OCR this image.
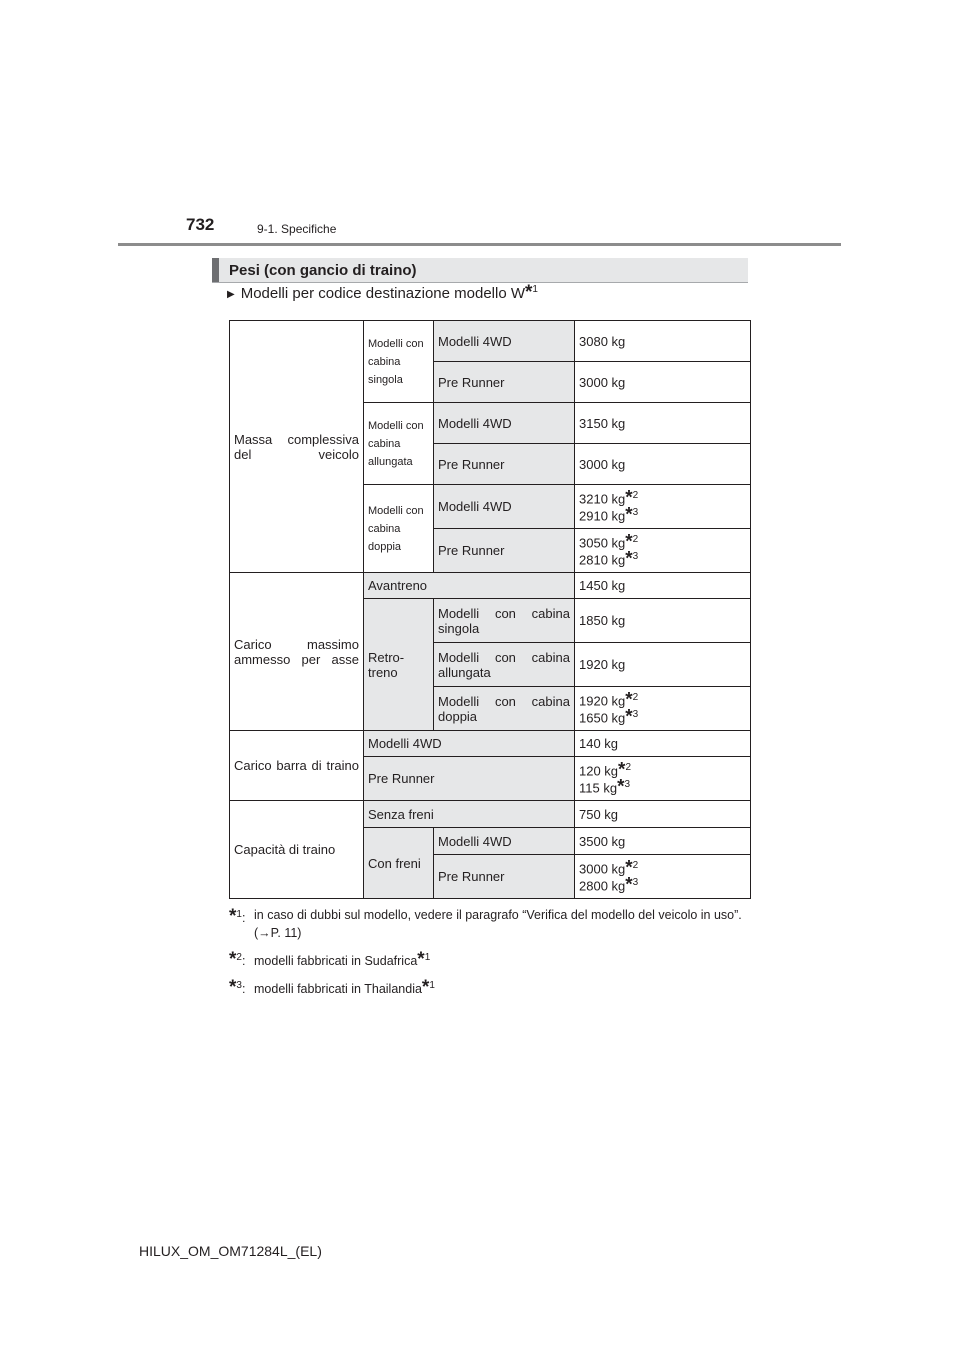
732	9-1. Specifiche
Pesi (con gancio di traino)
▶ Modelli per codice destinazione modello W*$^1$
Massa complessiva del veicolo	Modelli con cabina singola	Modelli 4WD	3080 kg
		Pre Runner	3000 kg
	Modelli con cabina allungata	Modelli 4WD	3150 kg
		Pre Runner	3000 kg
	Modelli con cabina doppia	Modelli 4WD	3210 kg*$^2$
2910 kg*$^3$
		Pre Runner	3050 kg*$^2$
2810 kg*$^3$
Carico massimo ammesso per asse	Avantreno		1450 kg
	Retro-treno	Modelli con cabina singola	1850 kg
		Modelli con cabina allungata	1920 kg
		Modelli con cabina doppia	1920 kg*$^2$
1650 kg*$^3$
Carico barra di traino	Modelli 4WD		140 kg
	Pre Runner		120 kg*$^2$
115 kg*$^3$
Capacità di traino	Senza freni		750 kg
	Con freni	Modelli 4WD	3500 kg
		Pre Runner	3000 kg*$^2$
2800 kg*$^3$
*$^1$: in caso di dubbi sul modello, vedere il paragrafo “Verifica del modello del veicolo in uso”. (→P. 11)
*$^2$: modelli fabbricati in Sudafrica*$^1$
*$^3$: modelli fabbricati in Thailandia*$^1$
HILUX_OM_OM71284L_(EL)
